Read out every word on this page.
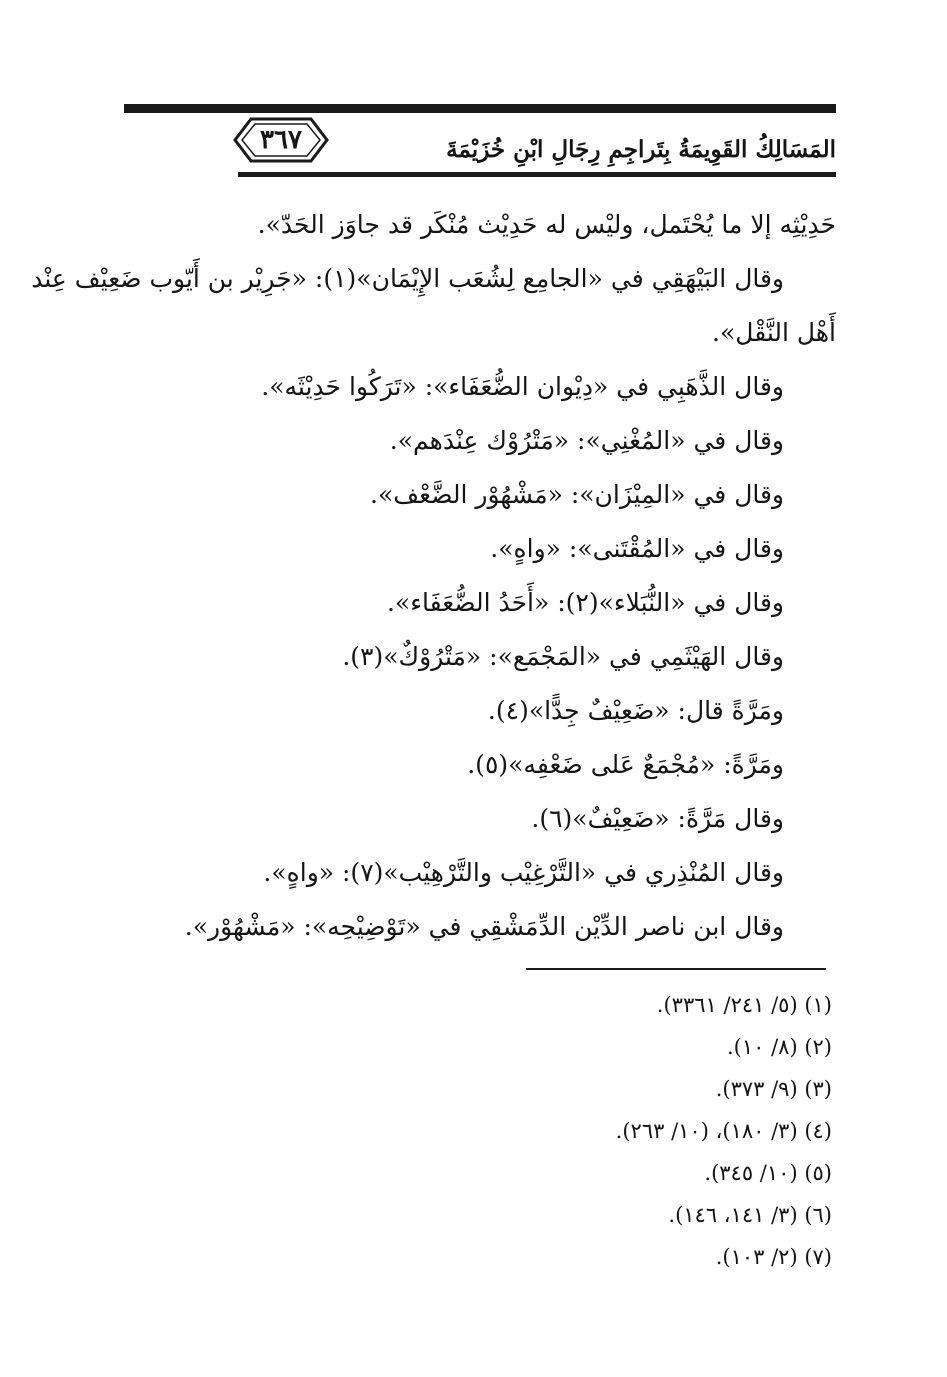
٣٦٧	المَسَالِكُ القَوِيمَةُ بِتَراجِمِ رِجَالِ ابْنِ خُزَيْمَةَ
حَدِيْثِه إلا ما يُحْتَمل، وليْس له حَدِيْث مُنْكَر قد جاوَز الحَدّ».
وقال البَيْهَقِي في «الجامِع لِشُعَب الإِيْمَان»(١): «جَرِيْر بن أَيّوب ضَعِيْف عِنْد
أَهْل النَّقْل».
وقال الذَّهَبِي في «دِيْوان الضُّعَفَاء»: «تَرَكُوا حَدِيْثَه».
وقال في «المُغْنِي»: «مَتْرُوْك عِنْدَهم».
وقال في «المِيْزَان»: «مَشْهُوْر الضَّعْف».
وقال في «المُقْتَنى»: «واهٍ».
وقال في «النُّبَلاء»(٢): «أَحَدُ الضُّعَفَاء».
وقال الهَيْثَمِي في «المَجْمَع»: «مَتْرُوْكٌ»(٣).
ومَرَّةً قال: «ضَعِيْفٌ جِدًّا»(٤).
ومَرَّةً: «مُجْمَعٌ عَلى ضَعْفِه»(٥).
وقال مَرَّةً: «ضَعِيْفٌ»(٦).
وقال المُنْذِري في «التَّرْغِيْب والتَّرْهِيْب»(٧): «واهٍ».
وقال ابن ناصر الدِّيْن الدِّمَشْقِي في «تَوْضِيْحِه»: «مَشْهُوْر».
(١) (٥/ ٢٤١/ ٣٣٦١).
(٢) (٨/ ١٠).
(٣) (٩/ ٣٧٣).
(٤) (٣/ ١٨٠)، (١٠/ ٢٦٣).
(٥) (١٠/ ٣٤٥).
(٦) (٣/ ١٤١، ١٤٦).
(٧) (٢/ ١٠٣).
